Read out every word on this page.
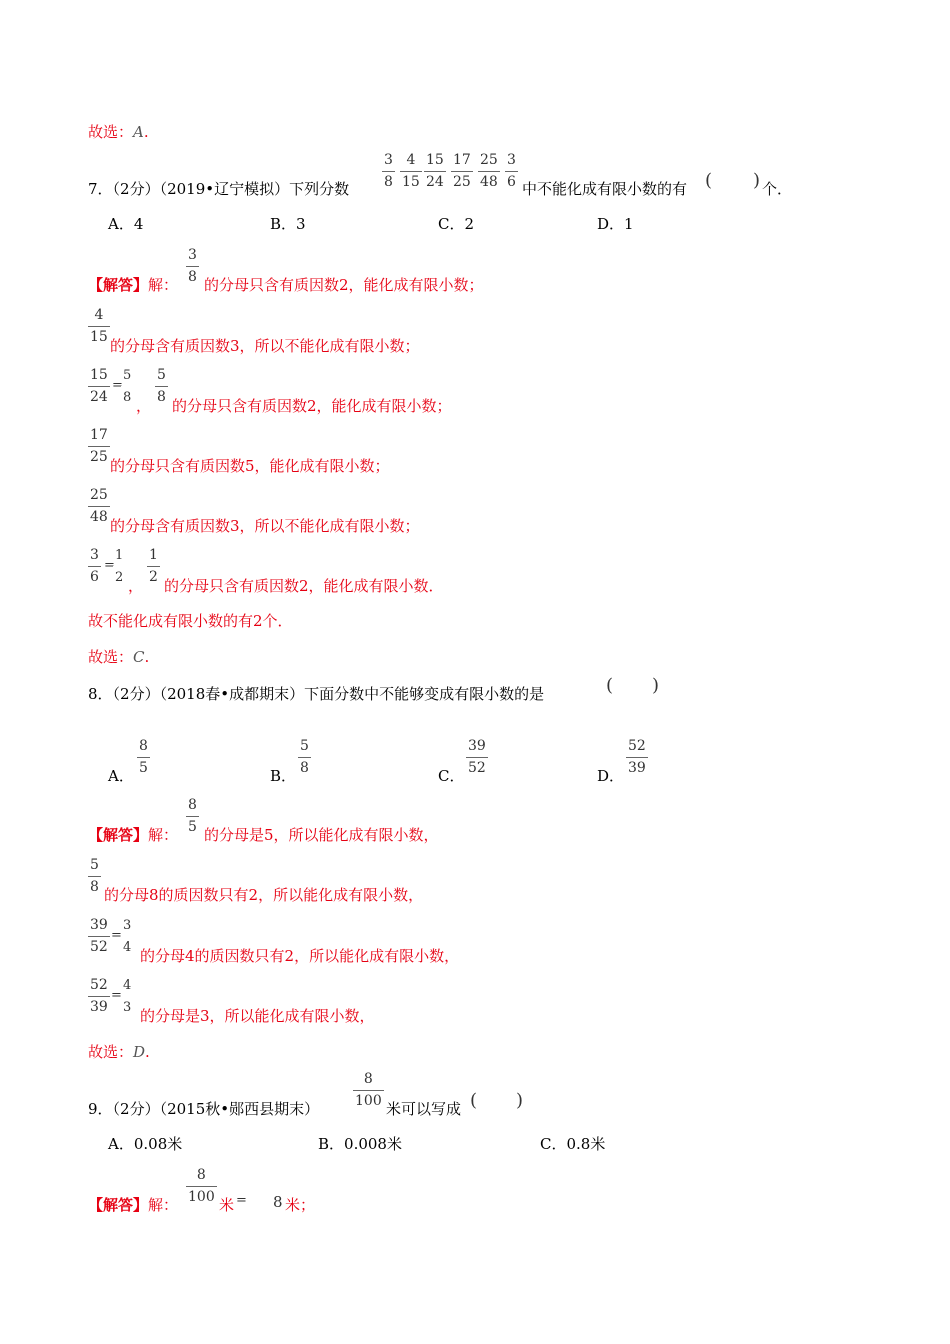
故选：A.
7．（2分）（2019•辽宁模拟）下列分数
3
8
4
15
15
24
17
25
25
48
3
6 中不能化成有限小数的有 ( ) 个．
A．4	B．3	C．2	D．1
【解答】解：
3
8 的分母只含有质因数2，能化成有限小数；
4
15 的分母含有质因数3，所以不能化成有限小数；
15
24
=
5
8 ，
5
8 的分母只含有质因数2，能化成有限小数；
17
25 的分母只含有质因数5，能化成有限小数；
25
48 的分母含有质因数3，所以不能化成有限小数；
3
6
=
1
2 ，
1
2 的分母只含有质因数2，能化成有限小数．
故不能化成有限小数的有2个．
故选：C.
8．（2分）（2018春•成都期末）下面分数中不能够变成有限小数的是	( )
A．
8
5	B．
5
8	C．
39
52	D．
52
39
【解答】解：
8
5 的分母是5，所以能化成有限小数，
5
8 的分母8的质因数只有2，所以能化成有限小数，
39
52
=
3
4 的分母4的质因数只有2，所以能化成有限小数，
52
39
=
4
3 的分母是3，所以能化成有限小数，
故选：D.
9．（2分）（2015秋•郧西县期末）
8
100 米可以写成 ( )
A．0.08米	B．0.008米	C．0.8米
【解答】解：
8
100 米 = 8 米；
